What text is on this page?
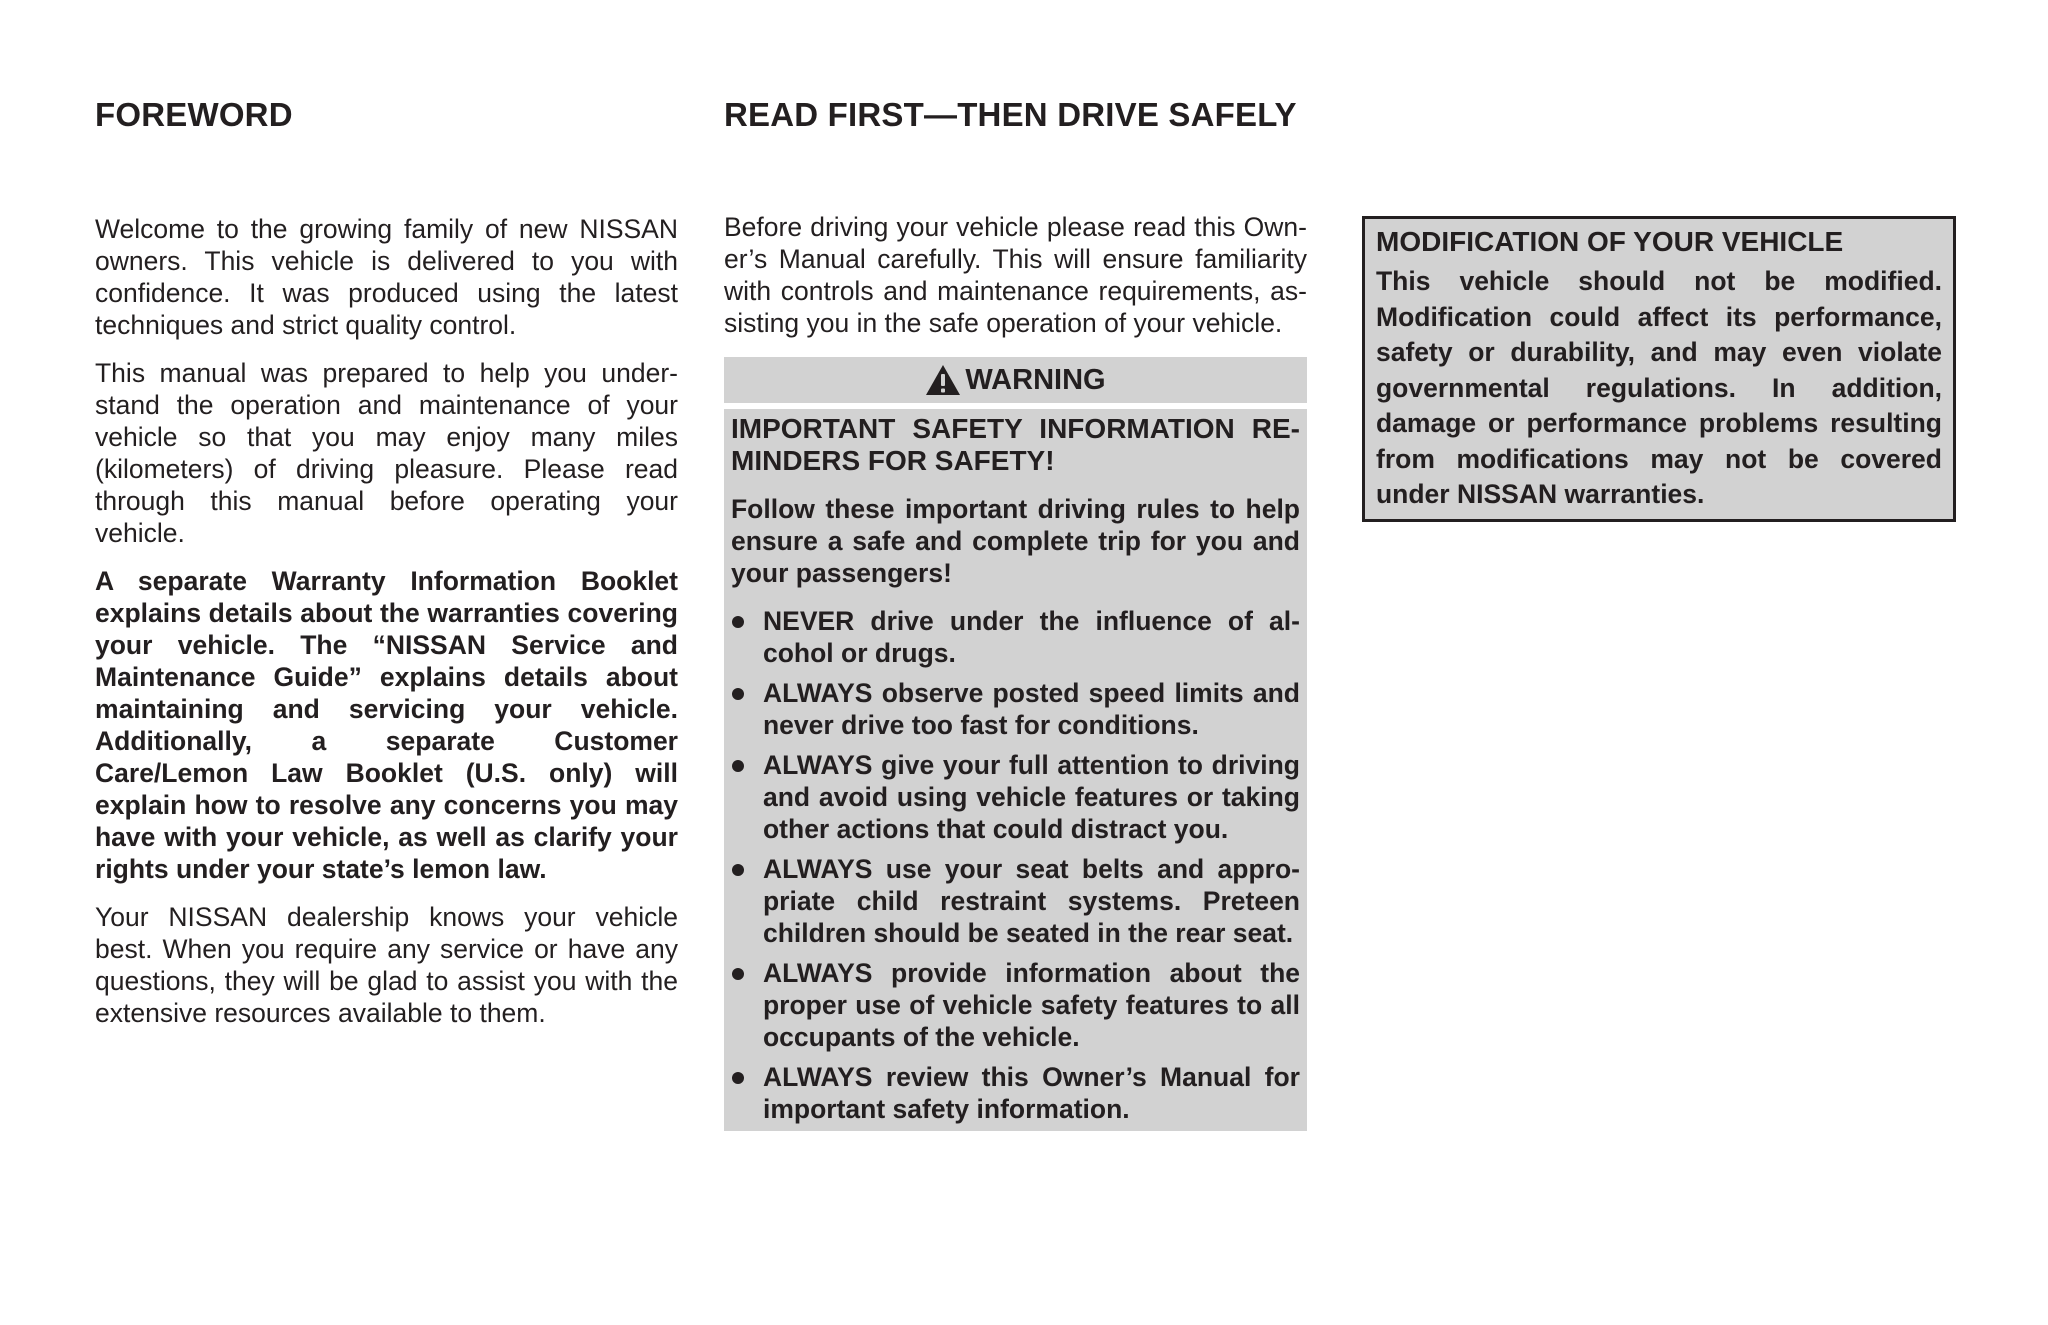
FOREWORD	READ FIRST—THEN DRIVE SAFELY

Welcome to the growing family of new NISSAN owners. This vehicle is delivered to you with confidence. It was produced using the latest techniques and strict quality control.

This manual was prepared to help you understand the operation and maintenance of your vehicle so that you may enjoy many miles (kilometers) of driving pleasure. Please read through this manual before operating your vehicle.

A separate Warranty Information Booklet explains details about the warranties covering your vehicle. The “NISSAN Service and Maintenance Guide” explains details about maintaining and servicing your vehicle. Additionally, a separate Customer Care/Lemon Law Booklet (U.S. only) will explain how to resolve any concerns you may have with your vehicle, as well as clarify your rights under your state’s lemon law.

Your NISSAN dealership knows your vehicle best. When you require any service or have any questions, they will be glad to assist you with the extensive resources available to them.

Before driving your vehicle please read this Owner’s Manual carefully. This will ensure familiarity with controls and maintenance requirements, assisting you in the safe operation of your vehicle.

WARNING

IMPORTANT SAFETY INFORMATION REMINDERS FOR SAFETY!

Follow these important driving rules to help ensure a safe and complete trip for you and your passengers!

NEVER drive under the influence of alcohol or drugs.
ALWAYS observe posted speed limits and never drive too fast for conditions.
ALWAYS give your full attention to driving and avoid using vehicle features or taking other actions that could distract you.
ALWAYS use your seat belts and appropriate child restraint systems. Preteen children should be seated in the rear seat.
ALWAYS provide information about the proper use of vehicle safety features to all occupants of the vehicle.
ALWAYS review this Owner’s Manual for important safety information.

MODIFICATION OF YOUR VEHICLE

This vehicle should not be modified. Modification could affect its performance, safety or durability, and may even violate governmental regulations. In addition, damage or performance problems resulting from modifications may not be covered under NISSAN warranties.
